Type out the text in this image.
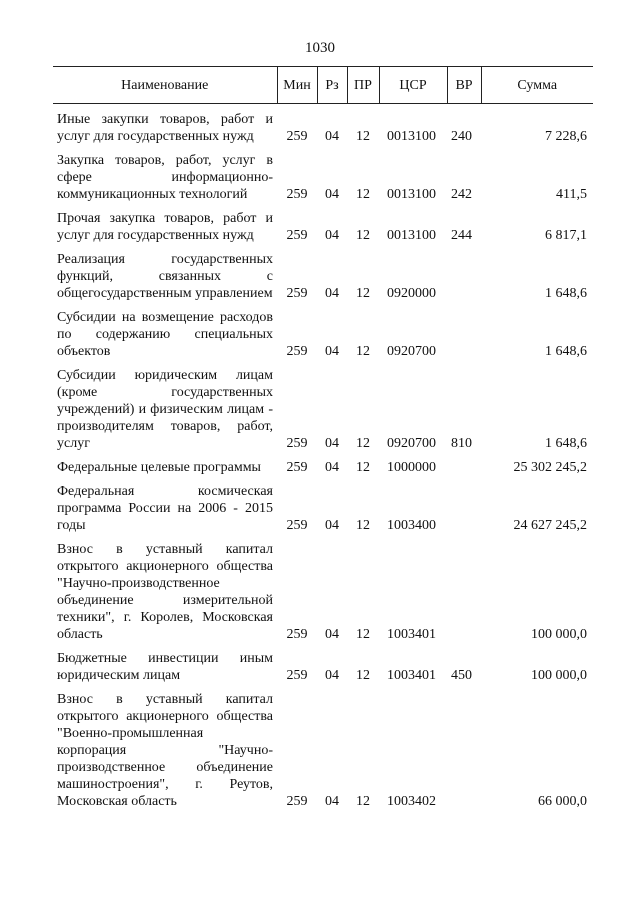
1030
Наименование	Мин	Рз	ПР	ЦСР	ВР	Сумма
Иные закупки товаров, работ и услуг для государственных нужд	259	04	12	0013100	240	7 228,6
Закупка товаров, работ, услуг в сфере информационно-коммуникационных технологий	259	04	12	0013100	242	411,5
Прочая закупка товаров, работ и услуг для государственных нужд	259	04	12	0013100	244	6 817,1
Реализация государственных функций, связанных с общегосударственным управлением	259	04	12	0920000		1 648,6
Субсидии на возмещение расходов по содержанию специальных объектов	259	04	12	0920700		1 648,6
Субсидии юридическим лицам (кроме государственных учреждений) и физическим лицам - производителям товаров, работ, услуг	259	04	12	0920700	810	1 648,6
Федеральные целевые программы	259	04	12	1000000		25 302 245,2
Федеральная космическая программа России на 2006 - 2015 годы	259	04	12	1003400		24 627 245,2
Взнос в уставный капитал открытого акционерного общества "Научно-производственное объединение измерительной техники", г. Королев, Московская область	259	04	12	1003401		100 000,0
Бюджетные инвестиции иным юридическим лицам	259	04	12	1003401	450	100 000,0
Взнос в уставный капитал открытого акционерного общества "Военно-промышленная корпорация "Научно-производственное объединение машиностроения", г. Реутов, Московская область	259	04	12	1003402		66 000,0
